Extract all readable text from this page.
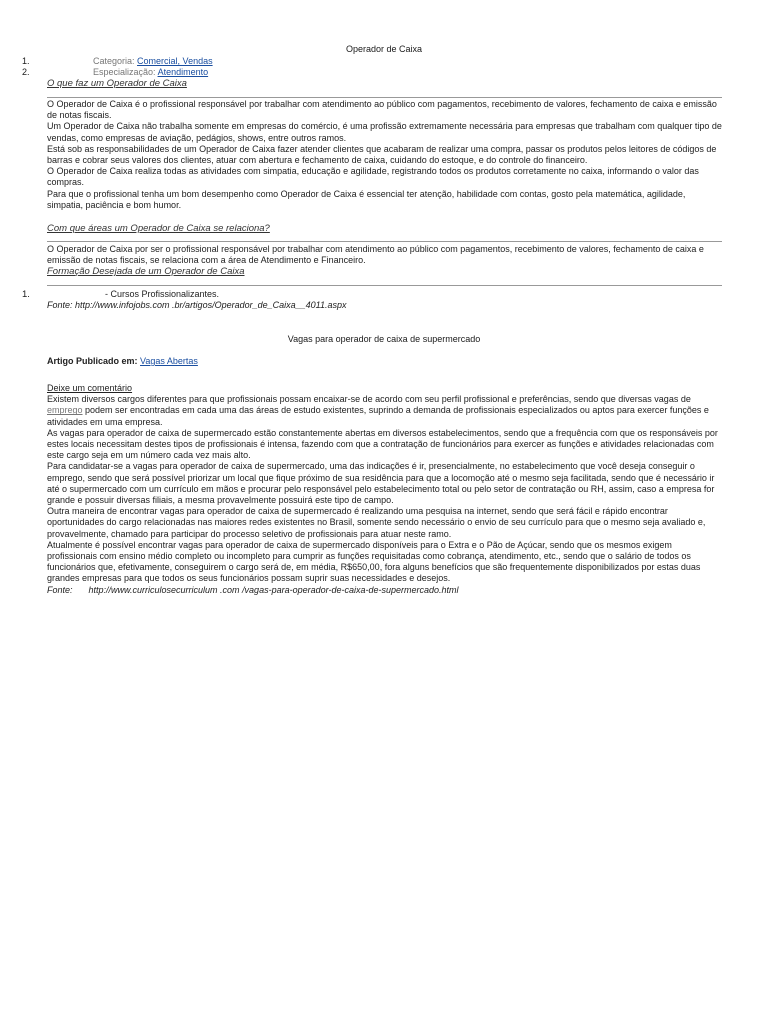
Operador de Caixa
1.	Categoria: Comercial, Vendas
2.	Especialização: Atendimento
O que faz um Operador de Caixa

O Operador de Caixa é o profissional responsável por trabalhar com atendimento ao público com pagamentos, recebimento de valores, fechamento de caixa e emissão de notas fiscais.

Um Operador de Caixa não trabalha somente em empresas do comércio, é uma profissão extremamente necessária para empresas que trabalham com qualquer tipo de vendas, como empresas de aviação, pedágios, shows, entre outros ramos.

Está sob as responsabilidades de um Operador de Caixa fazer atender clientes que acabaram de realizar uma compra, passar os produtos pelos leitores de códigos de barras e cobrar seus valores dos clientes, atuar com abertura e fechamento de caixa, cuidando do estoque, e do controle do financeiro.

O Operador de Caixa realiza todas as atividades com simpatia, educação e agilidade, registrando todos os produtos corretamente no caixa, informando o valor das compras.

Para que o profissional tenha um bom desempenho como Operador de Caixa é essencial ter atenção, habilidade com contas, gosto pela matemática, agilidade, simpatia, paciência e bom humor.

Com que áreas um Operador de Caixa se relaciona?

O Operador de Caixa por ser o profissional responsável por trabalhar com atendimento ao público com pagamentos, recebimento de valores, fechamento de caixa e emissão de notas fiscais, se relaciona com a área de Atendimento e Financeiro.

Formação Desejada de um Operador de Caixa
1.	- Cursos Profissionalizantes.
Fonte: http://www.infojobs.com .br/artigos/Operador_de_Caixa__4011.aspx
Vagas para operador de caixa de supermercado
Artigo Publicado em: Vagas Abertas

Deixe um comentário

Existem diversos cargos diferentes para que profissionais possam encaixar-se de acordo com seu perfil profissional e preferências, sendo que diversas vagas de emprego podem ser encontradas em cada uma das áreas de estudo existentes, suprindo a demanda de profissionais especializados ou aptos para exercer funções e atividades em uma empresa.

As vagas para operador de caixa de supermercado estão constantemente abertas em diversos estabelecimentos, sendo que a frequência com que os responsáveis por estes locais necessitam destes tipos de profissionais é intensa, fazendo com que a contratação de funcionários para exercer as funções e atividades relacionadas com este cargo seja em um número cada vez mais alto.

Para candidatar-se a vagas para operador de caixa de supermercado, uma das indicações é ir, presencialmente, no estabelecimento que você deseja conseguir o emprego, sendo que será possível priorizar um local que fique próximo de sua residência para que a locomoção até o mesmo seja facilitada, sendo que é necessário ir até o supermercado com um currículo em mãos e procurar pelo responsável pelo estabelecimento total ou pelo setor de contratação ou RH, assim, caso a empresa for grande e possuir diversas filiais, a mesma provavelmente possuirá este tipo de campo.

Outra maneira de encontrar vagas para operador de caixa de supermercado é realizando uma pesquisa na internet, sendo que será fácil e rápido encontrar oportunidades do cargo relacionadas nas maiores redes existentes no Brasil, somente sendo necessário o envio de seu currículo para que o mesmo seja avaliado e, provavelmente, chamado para participar do processo seletivo de profissionais para atuar neste ramo.

Atualmente é possível encontrar vagas para operador de caixa de supermercado disponíveis para o Extra e o Pão de Açúcar, sendo que os mesmos exigem profissionais com ensino médio completo ou incompleto para cumprir as funções requisitadas como cobrança, atendimento, etc., sendo que o salário de todos os funcionários que, efetivamente, conseguirem o cargo será de, em média, R$650,00, fora alguns benefícios que são frequentemente disponibilizados por estas duas grandes empresas para que todos os seus funcionários possam suprir suas necessidades e desejos.

Fonte: http://www.curriculosecurriculum .com /vagas-para-operador-de-caixa-de-supermercado.html
